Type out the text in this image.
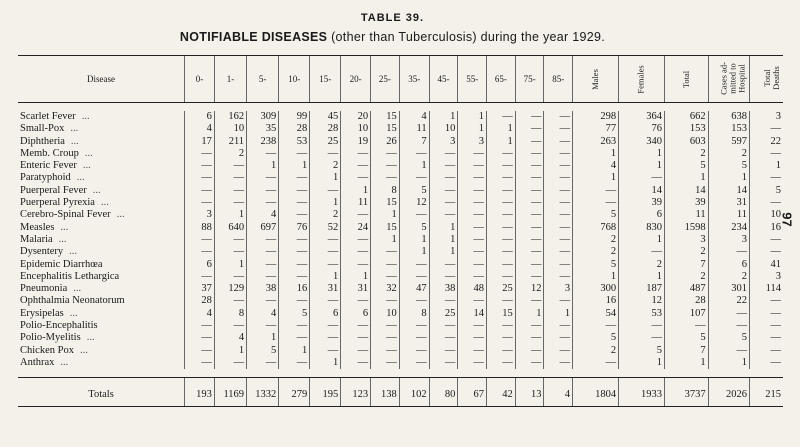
TABLE 39.
NOTIFIABLE DISEASES (other than Tuberculosis) during the year 1929.
97
Disease	0-	1-	5-	10-	15-	20-	25-	35-	45-	55-	65-	75-	85-	Males	Females	Total	Cases ad-mitted to Hospital	Total Deaths

Scarlet Fever ...	6	162	309	99	45	20	15	4	1	1	—	—	—	298	364	662	638	3
Small-Pox ...	4	10	35	28	28	10	15	11	10	1	1	—	—	77	76	153	153	—
Diphtheria ...	17	211	238	53	25	19	26	7	3	3	1	—	—	263	340	603	597	22
Memb. Croup ...	—	2	—	—	—	—	—	—	—	—	—	—	—	1	1	2	2	—
Enteric Fever ...	—	—	1	1	2	—	—	1	—	—	—	—	—	4	1	5	5	1
Paratyphoid ...	—	—	—	—	1	—	—	—	—	—	—	—	—	1	—	1	1	—
Puerperal Fever ...	—	—	—	—	—	1	8	5	—	—	—	—	—	—	14	14	14	5
Puerperal Pyrexia ...	—	—	—	—	1	11	15	12	—	—	—	—	—	—	39	39	31	—
Cerebro-Spinal Fever ...	3	1	4	—	2	—	1	—	—	—	—	—	—	5	6	11	11	10
Measles ...	88	640	697	76	52	24	15	5	1	—	—	—	—	768	830	1598	234	16
Malaria ...	—	—	—	—	—	—	1	1	1	—	—	—	—	2	1	3	3	—
Dysentery ...	—	—	—	—	—	—	—	1	1	—	—	—	—	2	—	2	—	—
Epidemic Diarrhœa	6	1	—	—	—	—	—	—	—	—	—	—	—	5	2	7	6	41
Encephalitis Lethargica	—	—	—	—	1	1	—	—	—	—	—	—	—	1	1	2	2	3
Pneumonia ...	37	129	38	16	31	31	32	47	38	48	25	12	3	300	187	487	301	114
Ophthalmia Neonatorum	28	—	—	—	—	—	—	—	—	—	—	—	—	16	12	28	22	—
Erysipelas ...	4	8	4	5	6	6	10	8	25	14	15	1	1	54	53	107	—	—
Polio-Encephalitis	—	—	—	—	—	—	—	—	—	—	—	—	—	—	—	—	—	—
Polio-Myelitis ...	—	4	1	—	—	—	—	—	—	—	—	—	—	5	—	5	5	—
Chicken Pox ...	—	1	5	1	—	—	—	—	—	—	—	—	—	2	5	7	—	—
Anthrax ...	—	—	—	—	1	—	—	—	—	—	—	—	—	—	1	1	1	—

Totals	193	1169	1332	279	195	123	138	102	80	67	42	13	4	1804	1933	3737	2026	215
